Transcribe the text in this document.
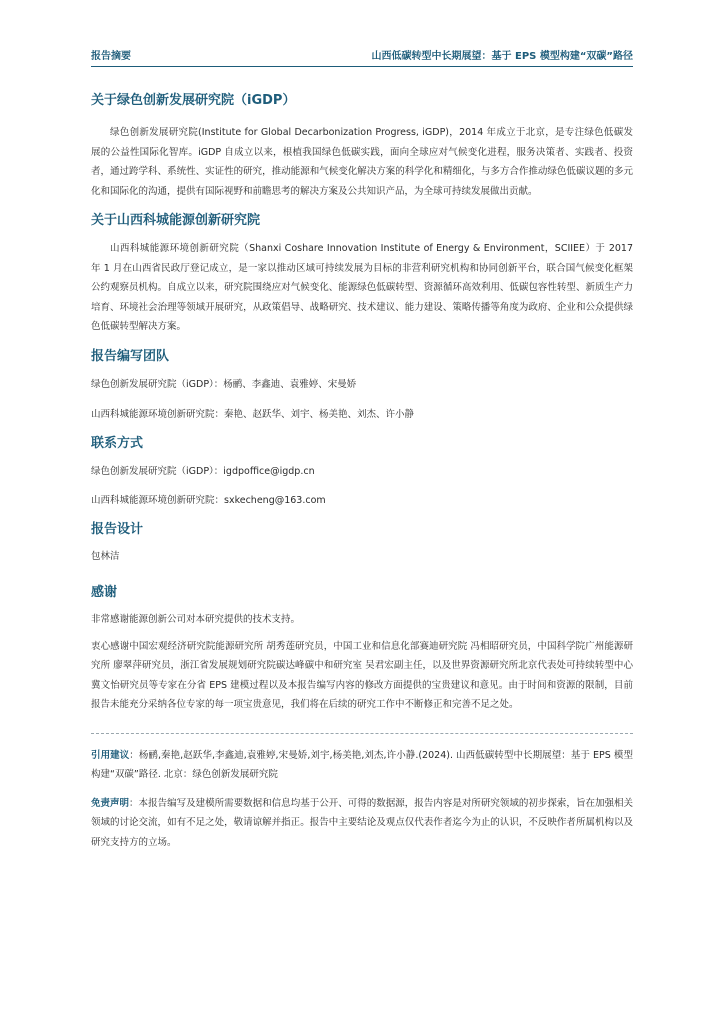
报告摘要	山西低碳转型中长期展望：基于 EPS 模型构建“双碳”路径
关于绿色创新发展研究院（iGDP）

绿色创新发展研究院(Institute for Global Decarbonization Progress, iGDP)，2014 年成立于北京，是专注绿色低碳发展的公益性国际化智库。iGDP 自成立以来，根植我国绿色低碳实践，面向全球应对气候变化进程，服务决策者、实践者、投资者，通过跨学科、系统性、实证性的研究，推动能源和气候变化解决方案的科学化和精细化，与多方合作推动绿色低碳议题的多元化和国际化的沟通，提供有国际视野和前瞻思考的解决方案及公共知识产品，为全球可持续发展做出贡献。

关于山西科城能源创新研究院

山西科城能源环境创新研究院（Shanxi Coshare Innovation Institute of Energy & Environment，SCIIEE）于 2017 年 1 月在山西省民政厅登记成立，是一家以推动区域可持续发展为目标的非营利研究机构和协同创新平台，联合国气候变化框架公约观察员机构。自成立以来，研究院围绕应对气候变化、能源绿色低碳转型、资源循环高效利用、低碳包容性转型、新质生产力培育、环境社会治理等领域开展研究，从政策倡导、战略研究、技术建议、能力建设、策略传播等角度为政府、企业和公众提供绿色低碳转型解决方案。

报告编写团队

绿色创新发展研究院（iGDP）：杨鹂、李鑫迪、袁雅婷、宋曼娇

山西科城能源环境创新研究院：秦艳、赵跃华、刘宇、杨美艳、刘杰、许小静

联系方式

绿色创新发展研究院（iGDP）：igdpoffice@igdp.cn

山西科城能源环境创新研究院：sxkecheng@163.com

报告设计

包林洁

感谢

非常感谢能源创新公司对本研究提供的技术支持。

衷心感谢中国宏观经济研究院能源研究所 胡秀莲研究员，中国工业和信息化部赛迪研究院 冯相昭研究员，中国科学院广州能源研究所 廖翠萍研究员，浙江省发展规划研究院碳达峰碳中和研究室 吴君宏副主任，以及世界资源研究所北京代表处可持续转型中心 冀文怡研究员等专家在分省 EPS 建模过程以及本报告编写内容的修改方面提供的宝贵建议和意见。由于时间和资源的限制，目前报告未能充分采纳各位专家的每一项宝贵意见，我们将在后续的研究工作中不断修正和完善不足之处。

引用建议：杨鹂,秦艳,赵跃华,李鑫迪,袁雅婷,宋曼娇,刘宇,杨美艳,刘杰,许小静.(2024). 山西低碳转型中长期展望：基于 EPS 模型构建“双碳”路径. 北京：绿色创新发展研究院

免责声明：本报告编写及建模所需要数据和信息均基于公开、可得的数据源，报告内容是对所研究领域的初步探索，旨在加强相关领域的讨论交流，如有不足之处，敬请谅解并指正。报告中主要结论及观点仅代表作者迄今为止的认识，不反映作者所属机构以及研究支持方的立场。
